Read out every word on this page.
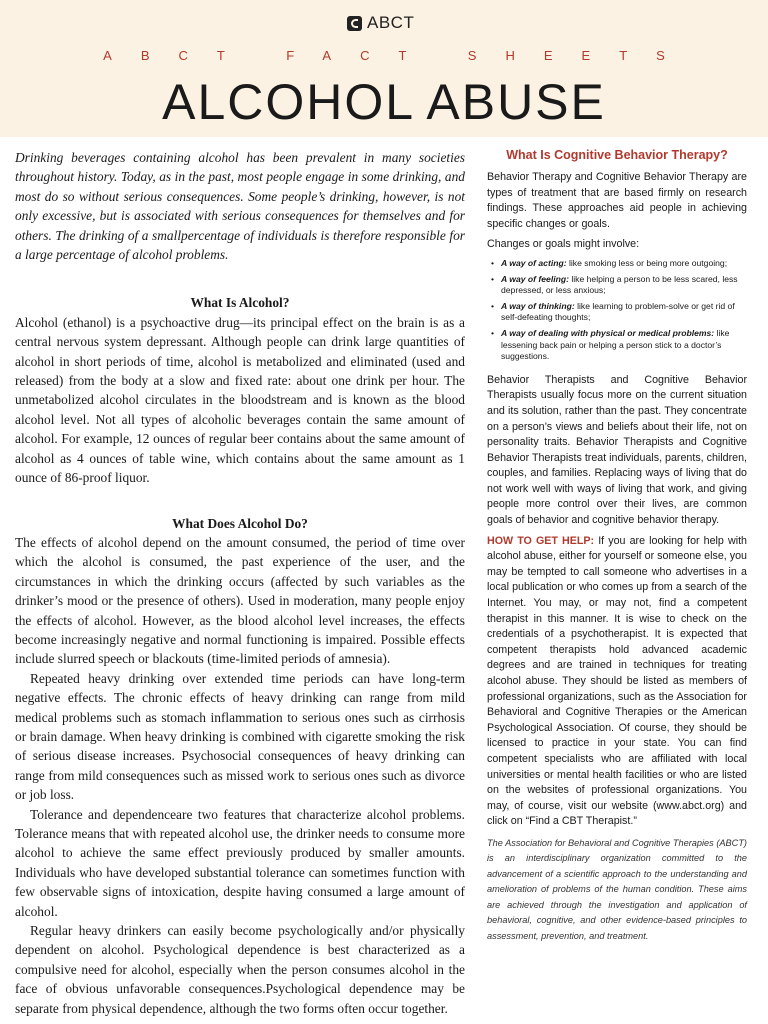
ABCT
ABCT FACT SHEETS
ALCOHOL ABUSE

Drinking beverages containing alcohol has been prevalent in many societies throughout history. Today, as in the past, most people engage in some drinking, and most do so without serious consequences. Some people’s drinking, however, is not only excessive, but is associated with serious consequences for themselves and for others. The drinking of a smallpercentage of individuals is therefore responsible for a large percentage of alcohol problems.

What Is Alcohol?

Alcohol (ethanol) is a psychoactive drug—its principal effect on the brain is as a central nervous system depressant. Although people can drink large quantities of alcohol in short periods of time, alcohol is metabolized and eliminated (used and released) from the body at a slow and fixed rate: about one drink per hour. The unmetabolized alcohol circulates in the bloodstream and is known as the blood alcohol level. Not all types of alcoholic beverages contain the same amount of alcohol. For example, 12 ounces of regular beer contains about the same amount of alcohol as 4 ounces of table wine, which contains about the same amount as 1 ounce of 86-proof liquor.

What Does Alcohol Do?

The effects of alcohol depend on the amount consumed, the period of time over which the alcohol is consumed, the past experience of the user, and the circumstances in which the drinking occurs (affected by such variables as the drinker’s mood or the presence of others). Used in moderation, many people enjoy the effects of alcohol. However, as the blood alcohol level increases, the effects become increasingly negative and normal functioning is impaired. Possible effects include slurred speech or blackouts (time-limited periods of amnesia).

Repeated heavy drinking over extended time periods can have long-term negative effects. The chronic effects of heavy drinking can range from mild medical problems such as stomach inflammation to serious ones such as cirrhosis or brain damage. When heavy drinking is combined with cigarette smoking the risk of serious disease increases. Psychosocial consequences of heavy drinking can range from mild consequences such as missed work to serious ones such as divorce or job loss.

Tolerance and dependenceare two features that characterize alcohol problems. Tolerance means that with repeated alcohol use, the drinker needs to consume more alcohol to achieve the same effect previously produced by smaller amounts. Individuals who have developed substantial tolerance can sometimes function with few observable signs of intoxication, despite having consumed a large amount of alcohol.

Regular heavy drinkers can easily become psychologically and/or physically dependent on alcohol. Psychological dependence is best characterized as a compulsive need for alcohol, especially when the person consumes alcohol in the face of obvious unfavorable consequences.Psychological dependence may be separate from physical dependence, although the two forms often occur together.

What Is Cognitive Behavior Therapy?

Behavior Therapy and Cognitive Behavior Therapy are types of treatment that are based firmly on research findings. These approaches aid people in achieving specific changes or goals.

Changes or goals might involve:

• A way of acting: like smoking less or being more outgoing;
• A way of feeling: like helping a person to be less scared, less depressed, or less anxious;
• A way of thinking: like learning to problem-solve or get rid of self-defeating thoughts;
• A way of dealing with physical or medical problems: like lessening back pain or helping a person stick to a doctor’s suggestions.

Behavior Therapists and Cognitive Behavior Therapists usually focus more on the current situation and its solution, rather than the past. They concentrate on a person’s views and beliefs about their life, not on personality traits. Behavior Therapists and Cognitive Behavior Therapists treat individuals, parents, children, couples, and families. Replacing ways of living that do not work well with ways of living that work, and giving people more control over their lives, are common goals of behavior and cognitive behavior therapy.

HOW TO GET HELP: If you are looking for help with alcohol abuse, either for yourself or someone else, you may be tempted to call someone who advertises in a local publication or who comes up from a search of the Internet. You may, or may not, find a competent therapist in this manner. It is wise to check on the credentials of a psychotherapist. It is expected that competent therapists hold advanced academic degrees and are trained in techniques for treating alcohol abuse. They should be listed as members of professional organizations, such as the Association for Behavioral and Cognitive Therapies or the American Psychological Association. Of course, they should be licensed to practice in your state. You can find competent specialists who are affiliated with local universities or mental health facilities or who are listed on the websites of professional organizations. You may, of course, visit our website (www.abct.org) and click on “Find a CBT Therapist.”

The Association for Behavioral and Cognitive Therapies (ABCT) is an interdisciplinary organization committed to the advancement of a scientific approach to the understanding and amelioration of problems of the human condition. These aims are achieved through the investigation and application of behavioral, cognitive, and other evidence-based principles to assessment, prevention, and treatment.
